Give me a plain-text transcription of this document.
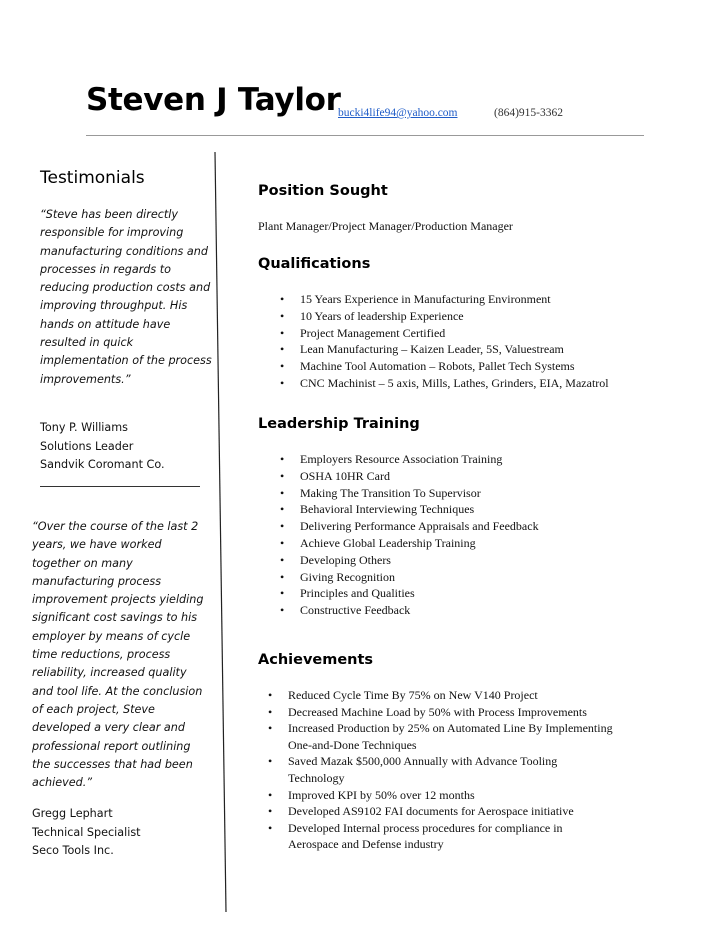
Steven J Taylor
bucki4life94@yahoo.com	(864)915-3362
Testimonials
“Steve has been directly
responsible for improving
manufacturing conditions and
processes in regards to
reducing production costs and
improving throughput. His
hands on attitude have
resulted in quick
implementation of the process
improvements.”
Tony P. Williams
Solutions Leader
Sandvik Coromant Co.
“Over the course of the last 2
years, we have worked
together on many
manufacturing process
improvement projects yielding
significant cost savings to his
employer by means of cycle
time reductions, process
reliability, increased quality
and tool life. At the conclusion
of each project, Steve
developed a very clear and
professional report outlining
the successes that had been
achieved.”
Gregg Lephart
Technical Specialist
Seco Tools Inc.
Position Sought
Plant Manager/Project Manager/Production Manager
Qualifications
• 15 Years Experience in Manufacturing Environment
• 10 Years of leadership Experience
• Project Management Certified
• Lean Manufacturing – Kaizen Leader, 5S, Valuestream
• Machine Tool Automation – Robots, Pallet Tech Systems
• CNC Machinist – 5 axis, Mills, Lathes, Grinders, EIA, Mazatrol
Leadership Training
• Employers Resource Association Training
• OSHA 10HR Card
• Making The Transition To Supervisor
• Behavioral Interviewing Techniques
• Delivering Performance Appraisals and Feedback
• Achieve Global Leadership Training
• Developing Others
• Giving Recognition
• Principles and Qualities
• Constructive Feedback
Achievements
• Reduced Cycle Time By 75% on New V140 Project
• Decreased Machine Load by 50% with Process Improvements
• Increased Production by 25% on Automated Line By Implementing
One-and-Done Techniques
• Saved Mazak $500,000 Annually with Advance Tooling
Technology
• Improved KPI by 50% over 12 months
• Developed AS9102 FAI documents for Aerospace initiative
• Developed Internal process procedures for compliance in
Aerospace and Defense industry
